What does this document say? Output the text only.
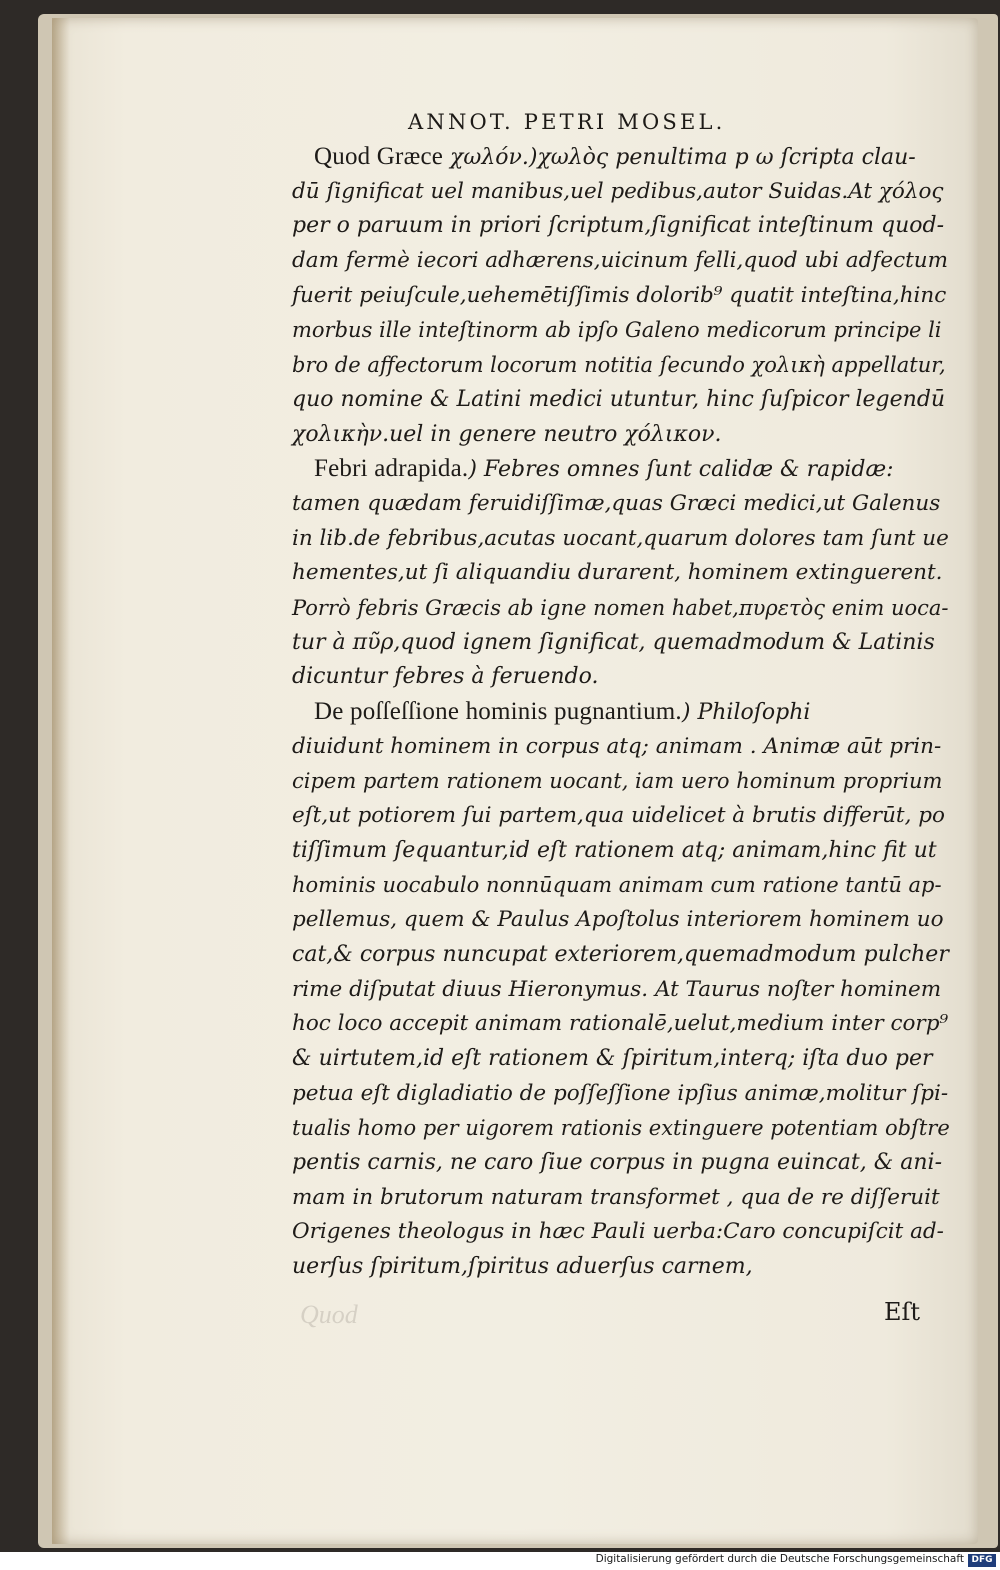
ANNOT. PETRI MOSEL.
Quod Græce χωλόν.)χωλὸς penultima p ω ſcripta clau-
dū ſignificat uel manibus,uel pedibus,autor Suidas.At χόλος
per o paruum in priori ſcriptum,ſignificat inteſtinum quod-
dam fermè iecori adhærens,uicinum felli,quod ubi adfectum
fuerit peiuſcule,uehemētiſſimis dolorib⁹ quatit inteſtina,hinc
morbus ille inteſtinorm ab ipſo Galeno medicorum principe li
bro de affectorum locorum notitia ſecundo χολικὴ appellatur,
quo nomine & Latini medici utuntur, hinc ſuſpicor legendū
χολικὴν.uel in genere neutro χόλικον.
Febri adrapida.) Febres omnes ſunt calidæ & rapidæ:
tamen quædam feruidiſſimæ,quas Græci medici,ut Galenus
in lib.de febribus,acutas uocant,quarum dolores tam ſunt ue
hementes,ut ſi aliquandiu durarent, hominem extinguerent.
Porrò febris Græcis ab igne nomen habet,πυρετὸς enim uoca-
tur à πῦρ,quod ignem ſignificat, quemadmodum & Latinis
dicuntur febres à feruendo.
De poſſeſſione hominis pugnantium.) Philoſophi
diuidunt hominem in corpus atq; animam . Animæ aūt prin-
cipem partem rationem uocant, iam uero hominum proprium
eſt,ut potiorem ſui partem,qua uidelicet à brutis differūt, po
tiſſimum ſequantur,id eſt rationem atq; animam,hinc fit ut
hominis uocabulo nonnūquam animam cum ratione tantū ap-
pellemus, quem & Paulus Apoſtolus interiorem hominem uo
cat,& corpus nuncupat exteriorem,quemadmodum pulcher
rime diſputat diuus Hieronymus. At Taurus noſter hominem
hoc loco accepit animam rationalē,uelut,medium inter corp⁹
& uirtutem,id eſt rationem & ſpiritum,interq; iſta duo per
petua eſt digladiatio de poſſeſſione ipſius animæ,molitur ſpi-
tualis homo per uigorem rationis extinguere potentiam obſtre
pentis carnis, ne caro ſiue corpus in pugna euincat, & ani-
mam in brutorum naturam transformet , qua de re diſſeruit
Origenes theologus in hæc Pauli uerba:Caro concupiſcit ad-
uerſus ſpiritum,ſpiritus aduerſus carnem,
Quod	Eſt
Digitalisierung gefördert durch die Deutsche Forschungsgemeinschaft DFG
